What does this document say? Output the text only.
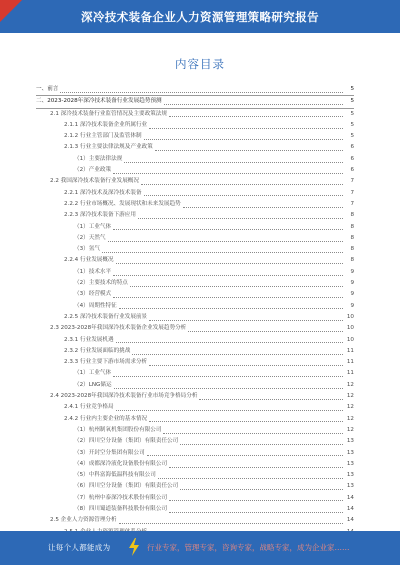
深冷技术装备企业人力资源管理策略研究报告
内容目录
一、前言	5
二、2023-2028年深冷技术装备行业发展趋势预测	5
2.1 深冷技术装备行业监管情况及主要政策法规	5
2.1.1 深冷技术装备企业所属行业	5
2.1.2 行业主管部门及监管体制	5
2.1.3 行业主要法律法规及产业政策	6
（1）主要法律法规	6
（2）产业政策	6
2.2 我国深冷技术装备行业发展概况	7
2.2.1 深冷技术及深冷技术装备	7
2.2.2 行业市场概况、发展现状和未来发展趋势	7
2.2.3 深冷技术装备下游应用	8
（1）工业气体	8
（2）天然气	8
（3）氢气	8
2.2.4 行业发展概况	8
（1）技术水平	9
（2）主要技术的特点	9
（3）经营模式	9
（4）周期性特征	9
2.2.5 深冷技术装备行业发展前景	10
2.3 2023-2028年我国深冷技术装备企业发展趋势分析	10
2.3.1 行业发展机遇	10
2.3.2 行业发展面临的挑战	11
2.3.3 行业主要下游市场需求分析	11
（1）工业气体	11
（2）LNG储运	12
2.4 2023-2028年我国深冷技术装备行业市场竞争格局分析	12
2.4.1 行业竞争格局	12
2.4.2 行业内主要企业的基本情况	12
（1）杭州制氧机集团股份有限公司	12
（2）四川空分设备（集团）有限责任公司	13
（3）开封空分集团有限公司	13
（4）成都深冷液化设备股份有限公司	13
（5）中科富海低温科技有限公司	13
（6）四川空分设备（集团）有限责任公司	13
（7）杭州中泰深冷技术股份有限公司	14
（8）四川蜀道装备科技股份有限公司	14
2.5 企业人力资源管理分析	14
让每个人都能成为	行业专家，管理专家，咨询专家，战略专家，成为企业家……
